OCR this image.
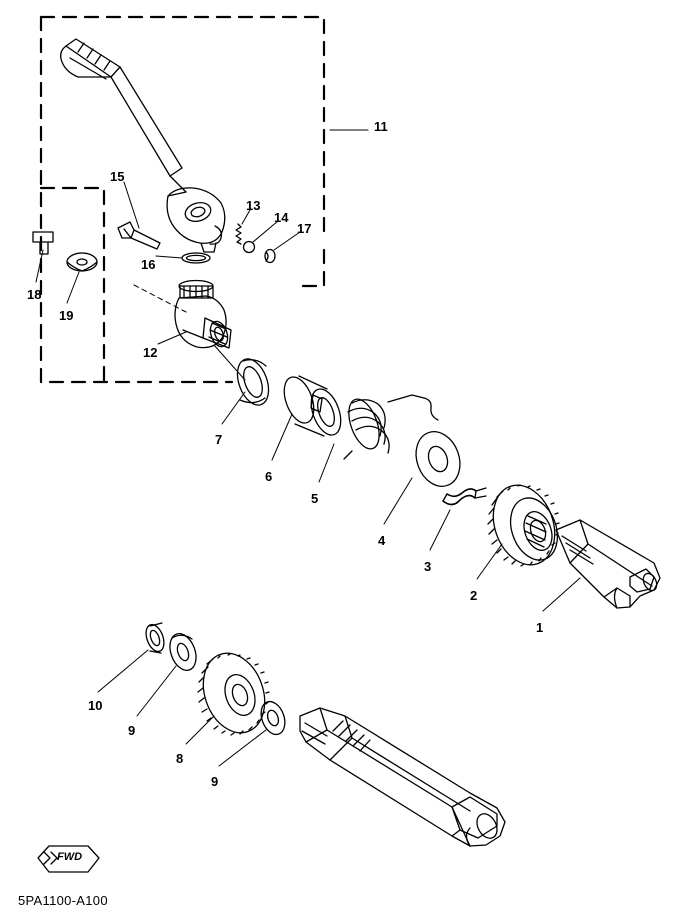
11
15
13
14
17
16
18
19
12
7
6
5
4
3
2
1
10
9
8
9
FWD
5PA1100-A100
